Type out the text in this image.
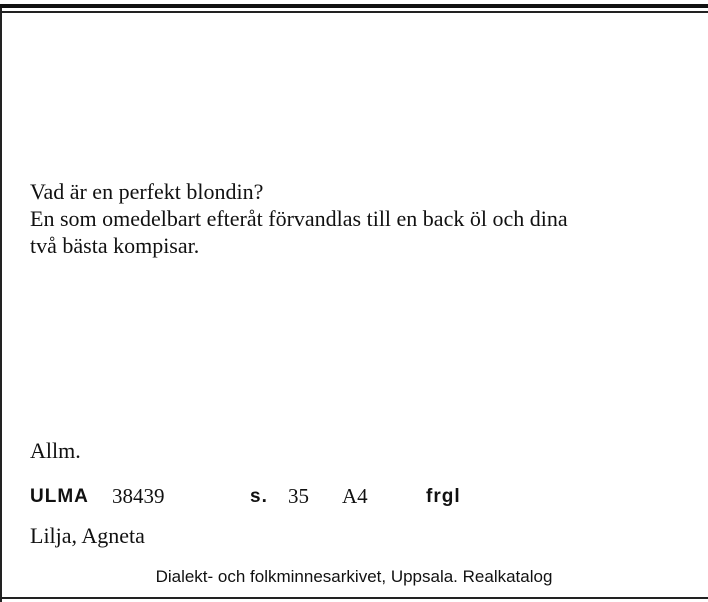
Vad är en perfekt blondin?
En som omedelbart efteråt förvandlas till en back öl och dina
två bästa kompisar.
Allm.
ULMA 38439	s. 35 A4	frgl
Lilja, Agneta
Dialekt- och folkminnesarkivet, Uppsala. Realkatalog
